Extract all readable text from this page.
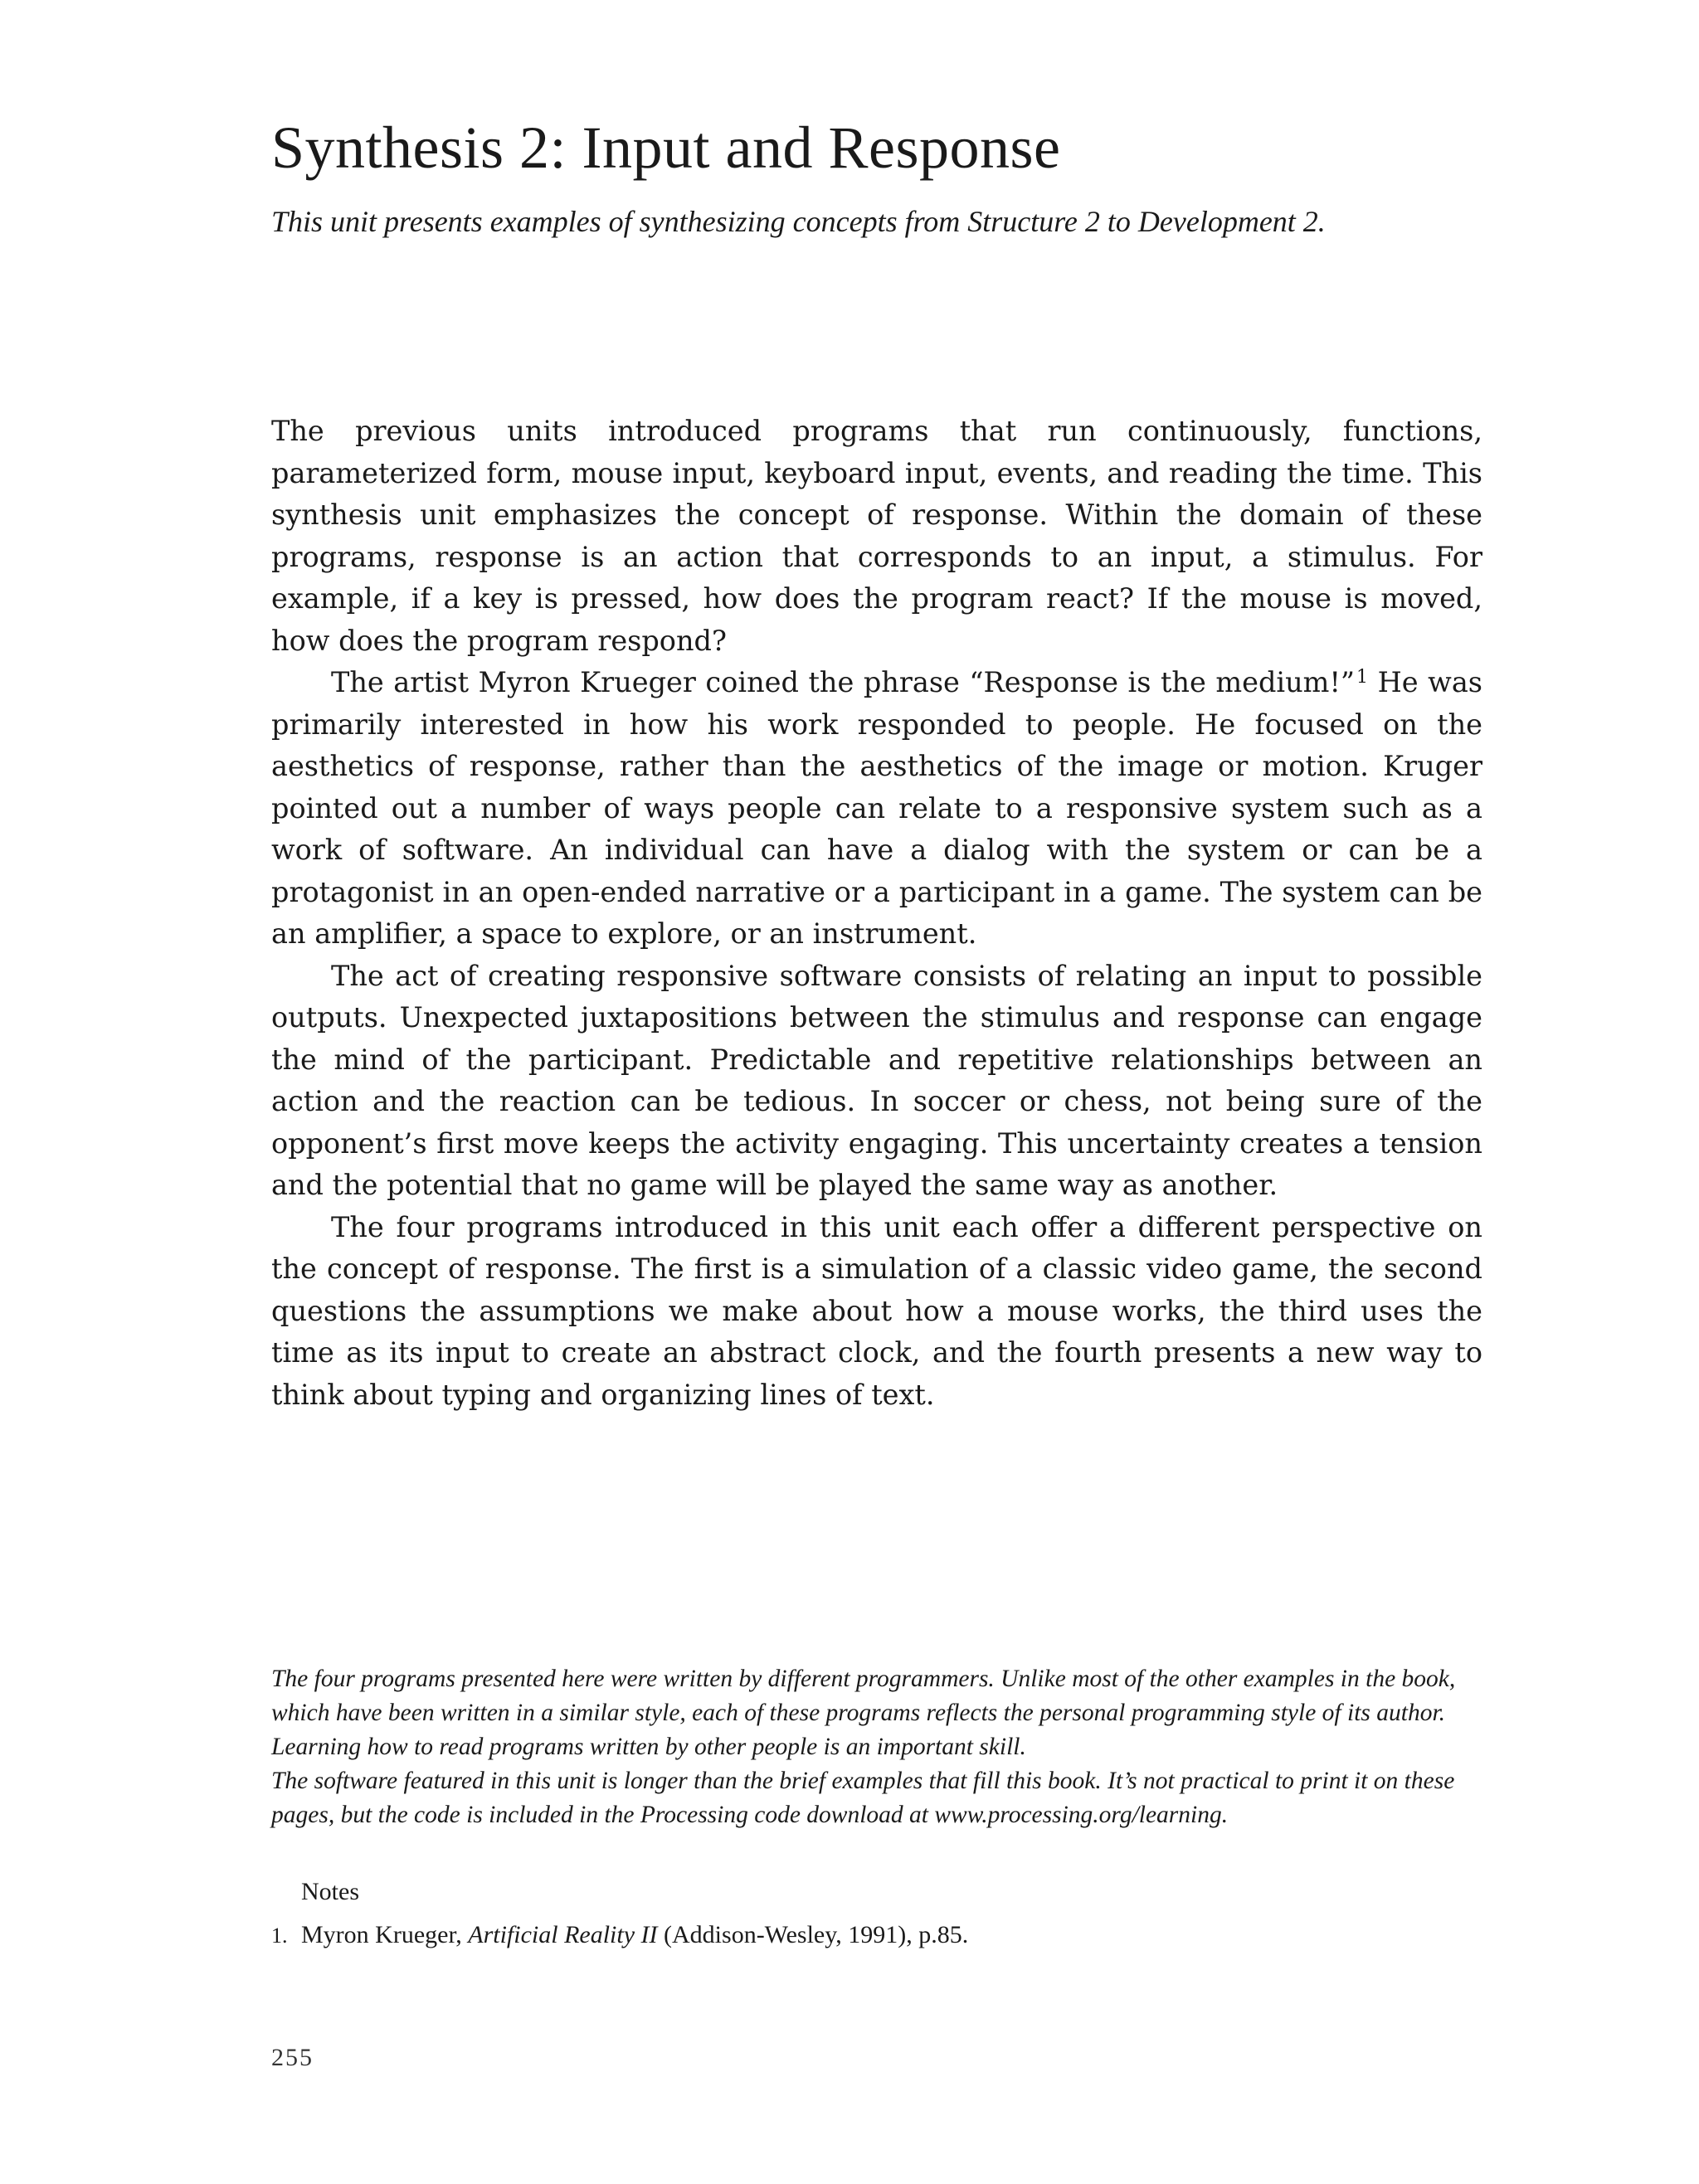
Synthesis 2: Input and Response

This unit presents examples of synthesizing concepts from Structure 2 to Development 2.

The previous units introduced programs that run continuously, functions, parameterized form, mouse input, keyboard input, events, and reading the time. This synthesis unit emphasizes the concept of response. Within the domain of these programs, response is an action that corresponds to an input, a stimulus. For example, if a key is pressed, how does the program react? If the mouse is moved, how does the program respond?

The artist Myron Krueger coined the phrase “Response is the medium!”$^1$ He was primarily interested in how his work responded to people. He focused on the aesthetics of response, rather than the aesthetics of the image or motion. Kruger pointed out a number of ways people can relate to a responsive system such as a work of software. An individual can have a dialog with the system or can be a protagonist in an open-ended narrative or a participant in a game. The system can be an amplifier, a space to explore, or an instrument.

The act of creating responsive software consists of relating an input to possible outputs. Unexpected juxtapositions between the stimulus and response can engage the mind of the participant. Predictable and repetitive relationships between an action and the reaction can be tedious. In soccer or chess, not being sure of the opponent’s first move keeps the activity engaging. This uncertainty creates a tension and the potential that no game will be played the same way as another.

The four programs introduced in this unit each offer a different perspective on the concept of response. The first is a simulation of a classic video game, the second questions the assumptions we make about how a mouse works, the third uses the time as its input to create an abstract clock, and the fourth presents a new way to think about typing and organizing lines of text.

The four programs presented here were written by different programmers. Unlike most of the other examples in the book, which have been written in a similar style, each of these programs reflects the personal programming style of its author. Learning how to read programs written by other people is an important skill.

The software featured in this unit is longer than the brief examples that fill this book. It’s not practical to print it on these pages, but the code is included in the Processing code download at www.processing.org/learning.

Notes
1. Myron Krueger, Artificial Reality II (Addison-Wesley, 1991), p.85.
255
